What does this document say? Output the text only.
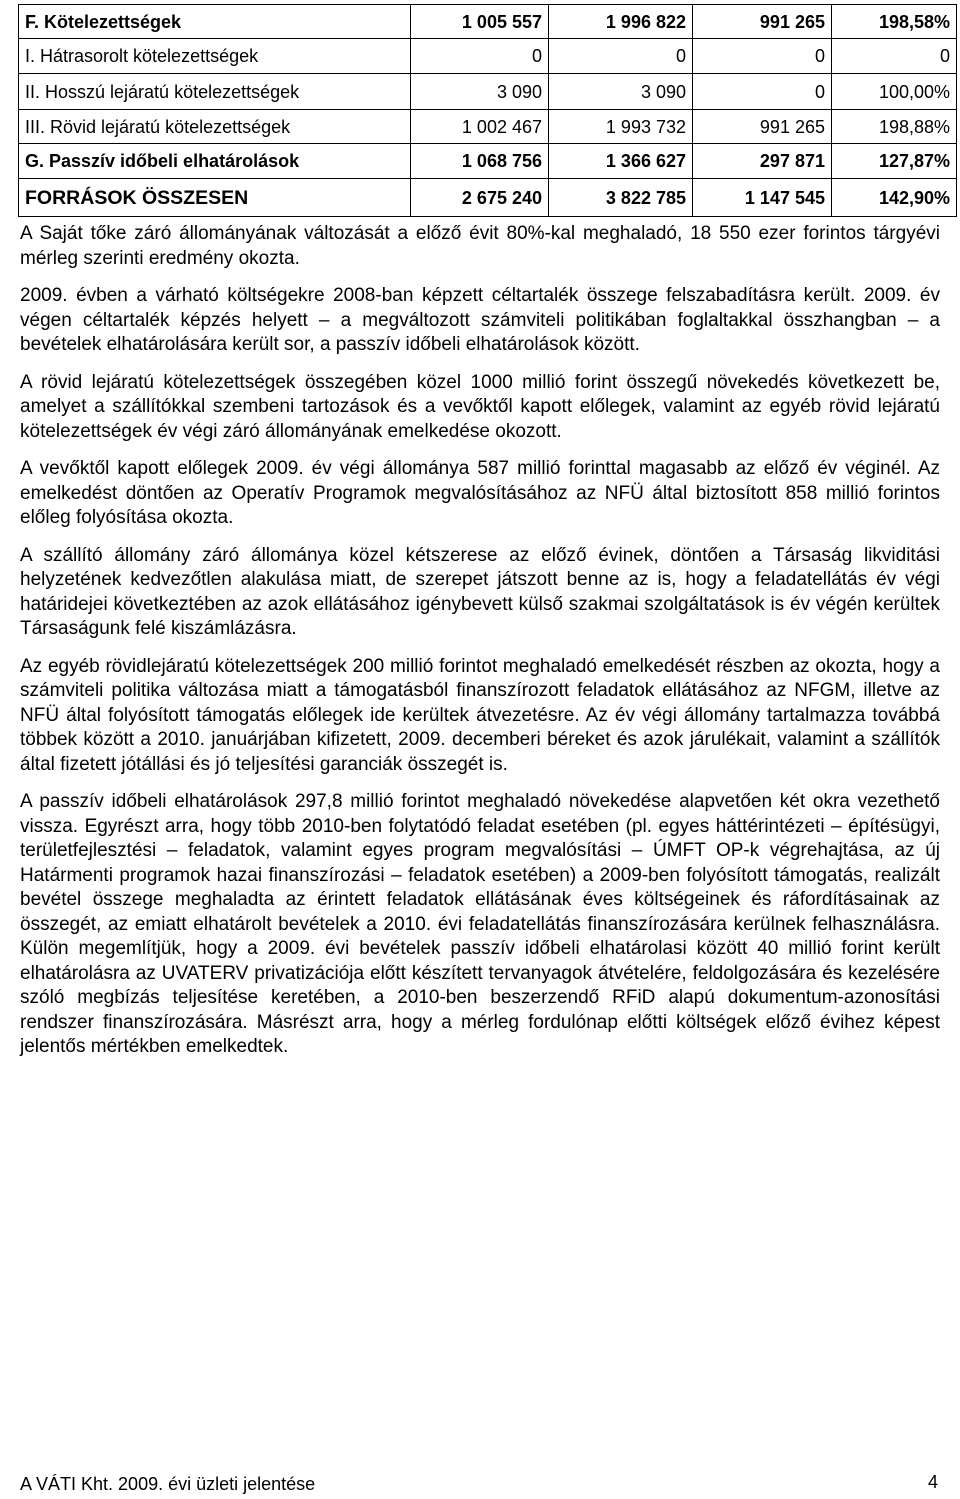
F. Kötelezettségek	1 005 557	1 996 822	991 265	198,58%
I. Hátrasorolt kötelezettségek	0	0	0	0
II. Hosszú lejáratú kötelezettségek	3 090	3 090	0	100,00%
III. Rövid lejáratú kötelezettségek	1 002 467	1 993 732	991 265	198,88%
G. Passzív időbeli elhatárolások	1 068 756	1 366 627	297 871	127,87%
FORRÁSOK ÖSSZESEN	2 675 240	3 822 785	1 147 545	142,90%

A Saját tőke záró állományának változását a előző évit 80%-kal meghaladó, 18 550 ezer forintos tárgyévi mérleg szerinti eredmény okozta.

2009. évben a várható költségekre 2008-ban képzett céltartalék összege felszabadításra került. 2009. év végen céltartalék képzés helyett – a megváltozott számviteli politikában foglaltakkal összhangban – a bevételek elhatárolására került sor, a passzív időbeli elhatárolások között.

A rövid lejáratú kötelezettségek összegében közel 1000 millió forint összegű növekedés következett be, amelyet a szállítókkal szembeni tartozások és a vevőktől kapott előlegek, valamint az egyéb rövid lejáratú kötelezettségek év végi záró állományának emelkedése okozott.

A vevőktől kapott előlegek 2009. év végi állománya 587 millió forinttal magasabb az előző év véginél. Az emelkedést döntően az Operatív Programok megvalósításához az NFÜ által biztosított 858 millió forintos előleg folyósítása okozta.

A szállító állomány záró állománya közel kétszerese az előző évinek, döntően a Társaság likviditási helyzetének kedvezőtlen alakulása miatt, de szerepet játszott benne az is, hogy a feladatellátás év végi határidejei következtében az azok ellátásához igénybevett külső szakmai szolgáltatások is év végén kerültek Társaságunk felé kiszámlázásra.

Az egyéb rövidlejáratú kötelezettségek 200 millió forintot meghaladó emelkedését részben az okozta, hogy a számviteli politika változása miatt a támogatásból finanszírozott feladatok ellátásához az NFGM, illetve az NFÜ által folyósított támogatás előlegek ide kerültek átvezetésre. Az év végi állomány tartalmazza továbbá többek között a 2010. januárjában kifizetett, 2009. decemberi béreket és azok járulékait, valamint a szállítók által fizetett jótállási és jó teljesítési garanciák összegét is.

A passzív időbeli elhatárolások 297,8 millió forintot meghaladó növekedése alapvetően két okra vezethető vissza. Egyrészt arra, hogy több 2010-ben folytatódó feladat esetében (pl. egyes háttérintézeti – építésügyi, területfejlesztési – feladatok, valamint egyes program megvalósítási – ÚMFT OP-k végrehajtása, az új Határmenti programok hazai finanszírozási – feladatok esetében) a 2009-ben folyósított támogatás, realizált bevétel összege meghaladta az érintett feladatok ellátásának éves költségeinek és ráfordításainak az összegét, az emiatt elhatárolt bevételek a 2010. évi feladatellátás finanszírozására kerülnek felhasználásra. Külön megemlítjük, hogy a 2009. évi bevételek passzív időbeli elhatárolasi között 40 millió forint került elhatárolásra az UVATERV privatizációja előtt készített tervanyagok átvételére, feldolgozására és kezelésére szóló megbízás teljesítése keretében, a 2010-ben beszerzendő RFiD alapú dokumentum-azonosítási rendszer finanszírozására. Másrészt arra, hogy a mérleg fordulónap előtti költségek előző évihez képest jelentős mértékben emelkedtek.

A VÁTI Kht. 2009. évi üzleti jelentése	4
